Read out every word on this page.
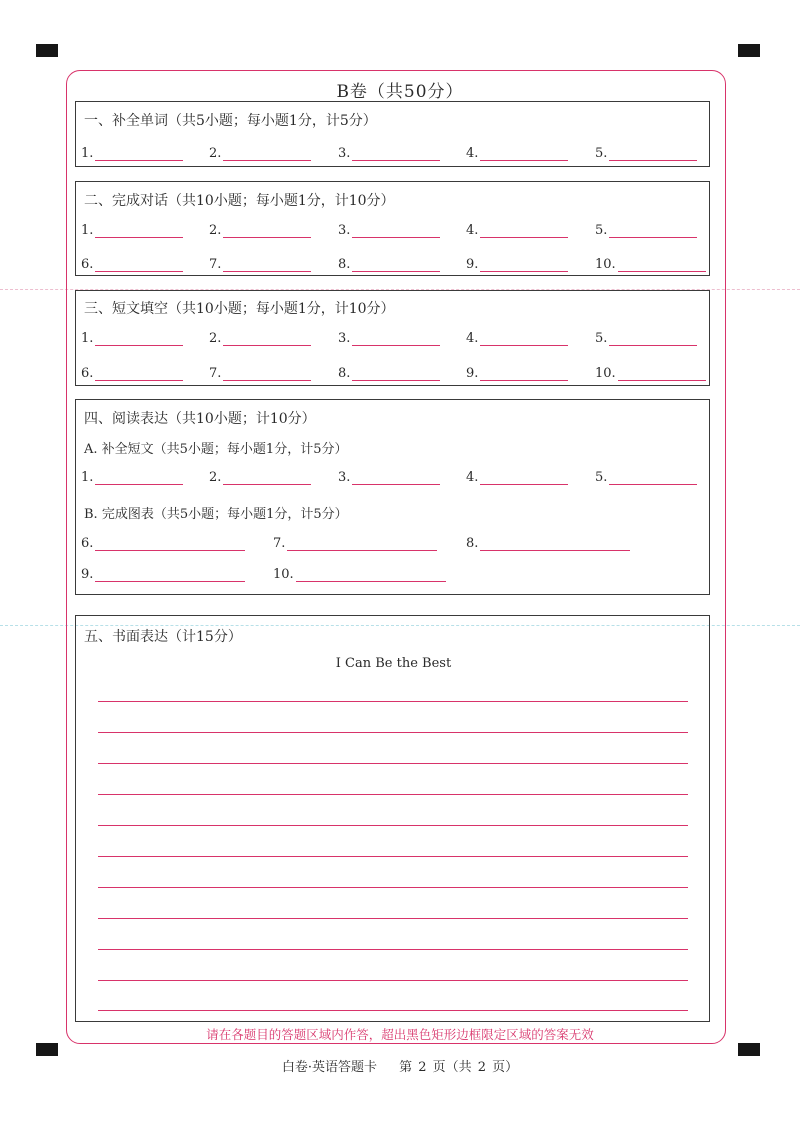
B卷（共50分）
一、补全单词（共5小题；每小题1分，计5分）
1.	2.	3.	4.	5.
二、完成对话（共10小题；每小题1分，计10分）
1.	2.	3.	4.	5.
6.	7.	8.	9.	10.
三、短文填空（共10小题；每小题1分，计10分）
1.	2.	3.	4.	5.
6.	7.	8.	9.	10.
四、阅读表达（共10小题；计10分）
A. 补全短文（共5小题；每小题1分，计5分）
1.	2.	3.	4.	5.
B. 完成图表（共5小题；每小题1分，计5分）
6.	7.	8.
9.	10.
五、书面表达（计15分）
I Can Be the Best
请在各题目的答题区域内作答，超出黑色矩形边框限定区域的答案无效
白卷·英语答题卡 第 2 页（共 2 页）
